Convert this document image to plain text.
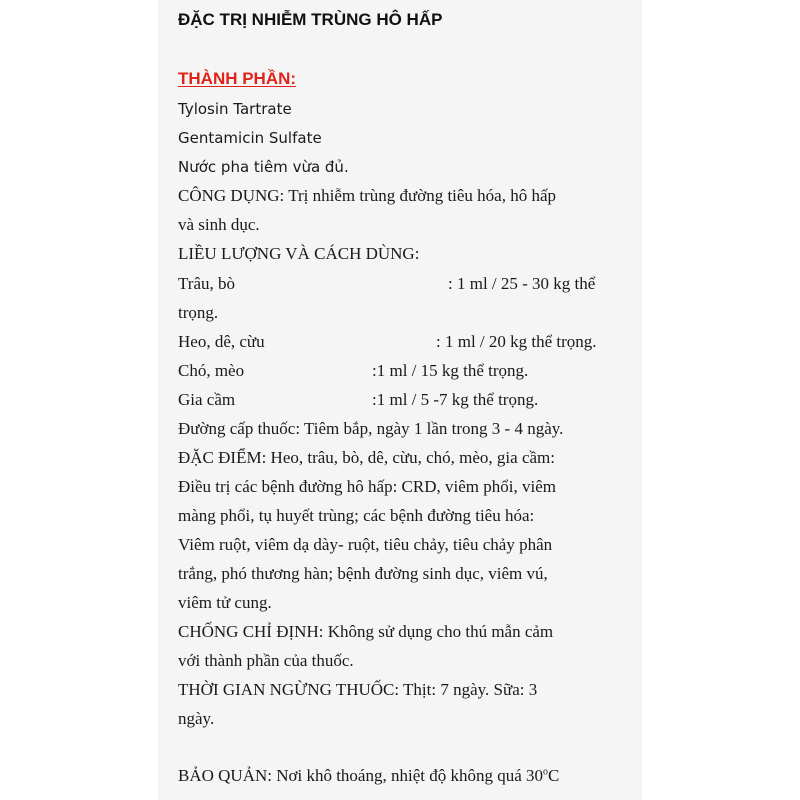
ĐẶC TRỊ NHIỄM TRÙNG HÔ HẤP
THÀNH PHẦN:
Tylosin Tartrate
Gentamicin Sulfate
Nước pha tiêm vừa đủ.
CÔNG DỤNG: Trị nhiễm trùng đường tiêu hóa, hô hấp
và sinh dục.
LIỀU LƯỢNG VÀ CÁCH DÙNG:
Trâu, bò	: 1 ml / 25 - 30 kg thể
trọng.
Heo, dê, cừu	: 1 ml / 20 kg thể trọng.
Chó, mèo	:1 ml / 15 kg thể trọng.
Gia cầm	:1 ml / 5 -7 kg thể trọng.
Đường cấp thuốc: Tiêm bắp, ngày 1 lần trong 3 - 4 ngày.
ĐẶC ĐIỂM: Heo, trâu, bò, dê, cừu, chó, mèo, gia cầm:
Điều trị các bệnh đường hô hấp: CRD, viêm phổi, viêm
màng phổi, tụ huyết trùng; các bệnh đường tiêu hóa:
Viêm ruột, viêm dạ dày- ruột, tiêu chảy, tiêu chảy phân
trắng, phó thương hàn; bệnh đường sinh dục, viêm vú,
viêm tử cung.
CHỐNG CHỈ ĐỊNH: Không sử dụng cho thú mẫn cảm
với thành phần của thuốc.
THỜI GIAN NGỪNG THUỐC: Thịt: 7 ngày. Sữa: 3
ngày.
BẢO QUẢN: Nơi khô thoáng, nhiệt độ không quá 30$^o$C
